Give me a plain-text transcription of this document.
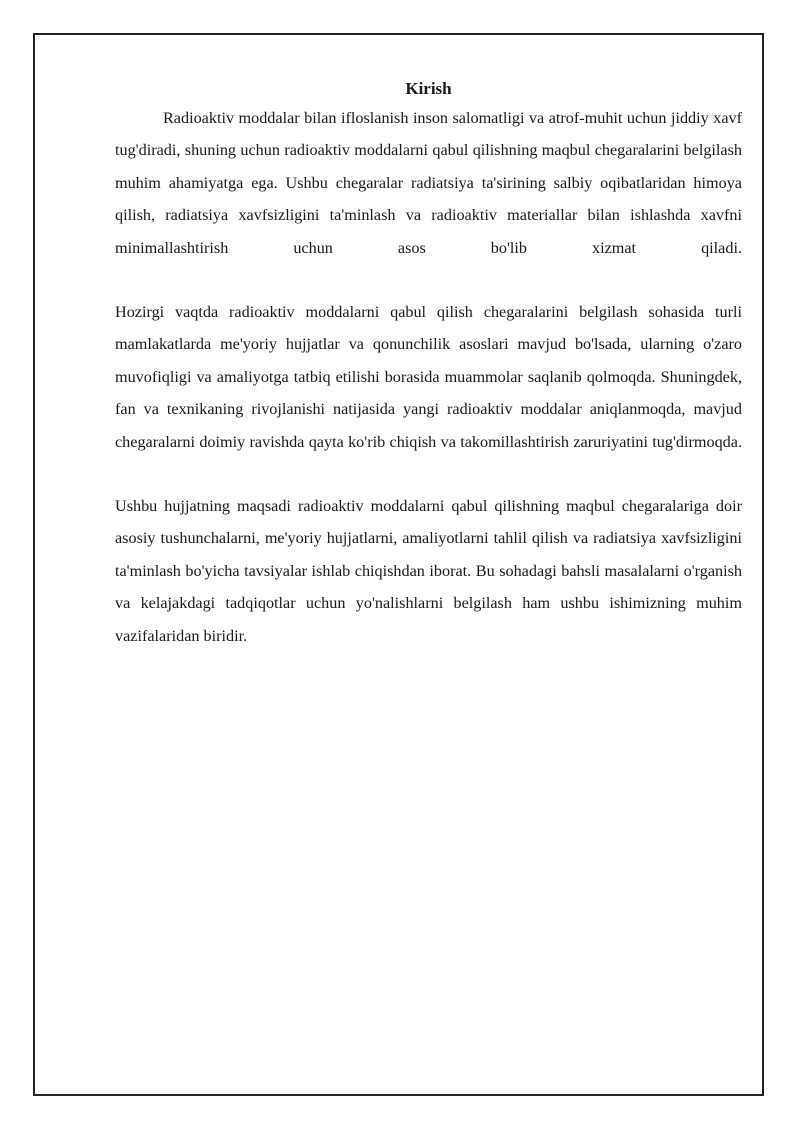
Kirish

Radioaktiv moddalar bilan ifloslanish inson salomatligi va atrof-muhit uchun jiddiy xavf tug'diradi, shuning uchun radioaktiv moddalarni qabul qilishning maqbul chegaralarini belgilash muhim ahamiyatga ega. Ushbu chegaralar radiatsiya ta'sirining salbiy oqibatlaridan himoya qilish, radiatsiya xavfsizligini ta'minlash va radioaktiv materiallar bilan ishlashda xavfni minimallashtirish uchun asos bo'lib xizmat qiladi.

Hozirgi vaqtda radioaktiv moddalarni qabul qilish chegaralarini belgilash sohasida turli mamlakatlarda me'yoriy hujjatlar va qonunchilik asoslari mavjud bo'lsada, ularning o'zaro muvofiqligi va amaliyotga tatbiq etilishi borasida muammolar saqlanib qolmoqda. Shuningdek, fan va texnikaning rivojlanishi natijasida yangi radioaktiv moddalar aniqlanmoqda, mavjud chegaralarni doimiy ravishda qayta ko'rib chiqish va takomillashtirish zaruriyatini tug'dirmoqda.

Ushbu hujjatning maqsadi radioaktiv moddalarni qabul qilishning maqbul chegaralariga doir asosiy tushunchalarni, me'yoriy hujjatlarni, amaliyotlarni tahlil qilish va radiatsiya xavfsizligini ta'minlash bo'yicha tavsiyalar ishlab chiqishdan iborat. Bu sohadagi bahsli masalalarni o'rganish va kelajakdagi tadqiqotlar uchun yo'nalishlarni belgilash ham ushbu ishimizning muhim vazifalaridan biridir.
